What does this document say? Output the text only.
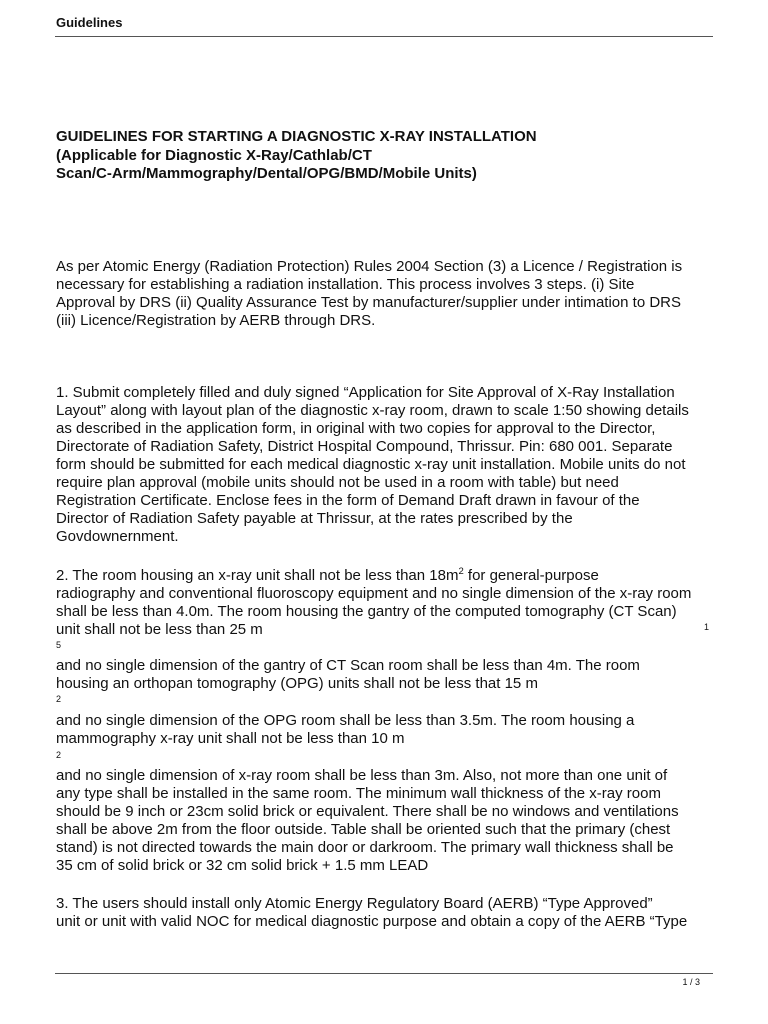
Guidelines
GUIDELINES FOR STARTING A DIAGNOSTIC X-RAY INSTALLATION
(Applicable for Diagnostic X-Ray/Cathlab/CT
Scan/C-Arm/Mammography/Dental/OPG/BMD/Mobile Units)
As per Atomic Energy (Radiation Protection) Rules 2004 Section (3) a Licence / Registration is
necessary for establishing a radiation installation. This process involves 3 steps. (i) Site
Approval by DRS (ii) Quality Assurance Test by manufacturer/supplier under intimation to DRS
(iii) Licence/Registration by AERB through DRS.
1. Submit completely filled and duly signed “Application for Site Approval of X-Ray Installation
Layout” along with layout plan of the diagnostic x-ray room, drawn to scale 1:50 showing details
as described in the application form, in original with two copies for approval to the Director,
Directorate of Radiation Safety, District Hospital Compound, Thrissur. Pin: 680 001. Separate
form should be submitted for each medical diagnostic x-ray unit installation. Mobile units do not
require plan approval (mobile units should not be used in a room with table) but need
Registration Certificate. Enclose fees in the form of Demand Draft drawn in favour of the
Director of Radiation Safety payable at Thrissur, at the rates prescribed by the
Govdownernment.
2. The room housing an x-ray unit shall not be less than $18m^2$ for general-purpose
radiography and conventional fluoroscopy equipment and no single dimension of the x-ray room
shall be less than 4.0m. The room housing the gantry of the computed tomography (CT Scan)
unit shall not be less than 25 m	1
5
and no single dimension of the gantry of CT Scan room shall be less than 4m. The room
housing an orthopan tomography (OPG) units shall not be less that 15 m
2
and no single dimension of the OPG room shall be less than 3.5m. The room housing a
mammography x-ray unit shall not be less than 10 m
2
and no single dimension of x-ray room shall be less than 3m. Also, not more than one unit of
any type shall be installed in the same room. The minimum wall thickness of the x-ray room
should be 9 inch or 23cm solid brick or equivalent. There shall be no windows and ventilations
shall be above 2m from the floor outside. Table shall be oriented such that the primary (chest
stand) is not directed towards the main door or darkroom. The primary wall thickness shall be
35 cm of solid brick or 32 cm solid brick + 1.5 mm LEAD
3. The users should install only Atomic Energy Regulatory Board (AERB) “Type Approved”
unit or unit with valid NOC for medical diagnostic purpose and obtain a copy of the AERB “Type
1 / 3
